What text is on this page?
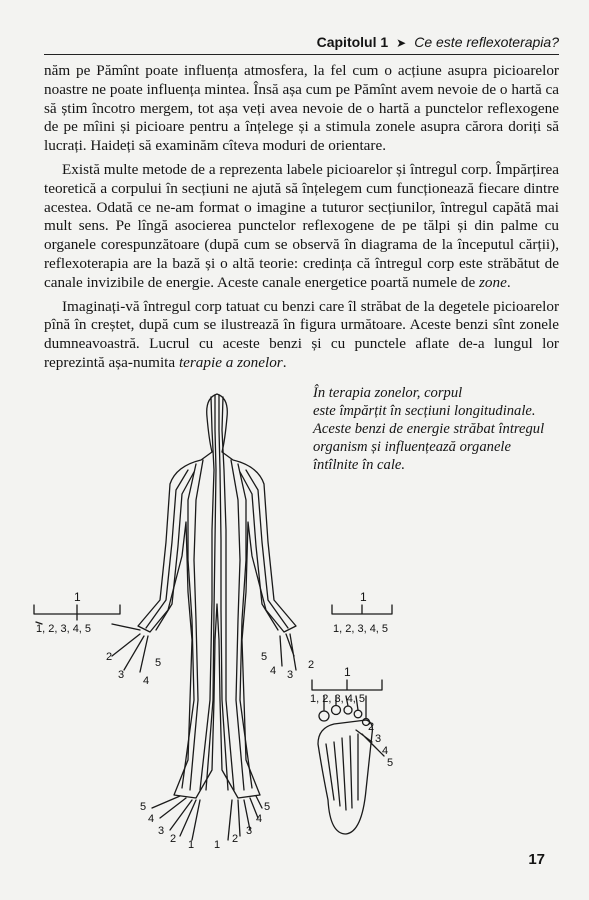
Capitolul 1 ➤ Ce este reflexoterapia?

năm pe Pămînt poate influența atmosfera, la fel cum o acțiune asupra picioarelor noastre ne poate influența mintea. Însă așa cum pe Pămînt avem nevoie de o hartă ca să știm încotro mergem, tot așa veți avea nevoie de o hartă a punctelor reflexogene de pe mîini și picioare pentru a înțelege și a stimula zonele asupra cărora doriți să lucrați. Haideți să examinăm cîteva moduri de orientare.

Există multe metode de a reprezenta labele picioarelor și întregul corp. Împărțirea teoretică a corpului în secțiuni ne ajută să înțelegem cum funcționează fiecare dintre acestea. Odată ce ne-am format o imagine a tuturor secțiunilor, întregul capătă mai mult sens. Pe lîngă asocierea punctelor reflexogene de pe tălpi și din palme cu organele corespunzătoare (după cum se observă în diagrama de la începutul cărții), reflexoterapia are la bază și o altă teorie: credința că întregul corp este străbătut de canale invizibile de energie. Aceste canale energetice poartă numele de zone.

Imaginați-vă întregul corp tatuat cu benzi care îl străbat de la degetele picioarelor pînă în creștet, după cum se ilustrează în figura următoare. Aceste benzi sînt zonele dumneavoastră. Lucrul cu aceste benzi și cu punctele aflate de-a lungul lor reprezintă așa-numita terapie a zonelor.

În terapia zonelor, corpul
este împărțit în secțiuni longitudinale.
Aceste benzi de energie străbat întregul
organism și influențează organele
întîlnite în cale.
1
1, 2, 3, 4, 5
1
1, 2, 3, 4, 5
2	5
3 4
5
4 3
2 1
1, 2, 3, 4, 5
2
3
4
5
5
4
3
2 1 1 2
3
4
5
17
